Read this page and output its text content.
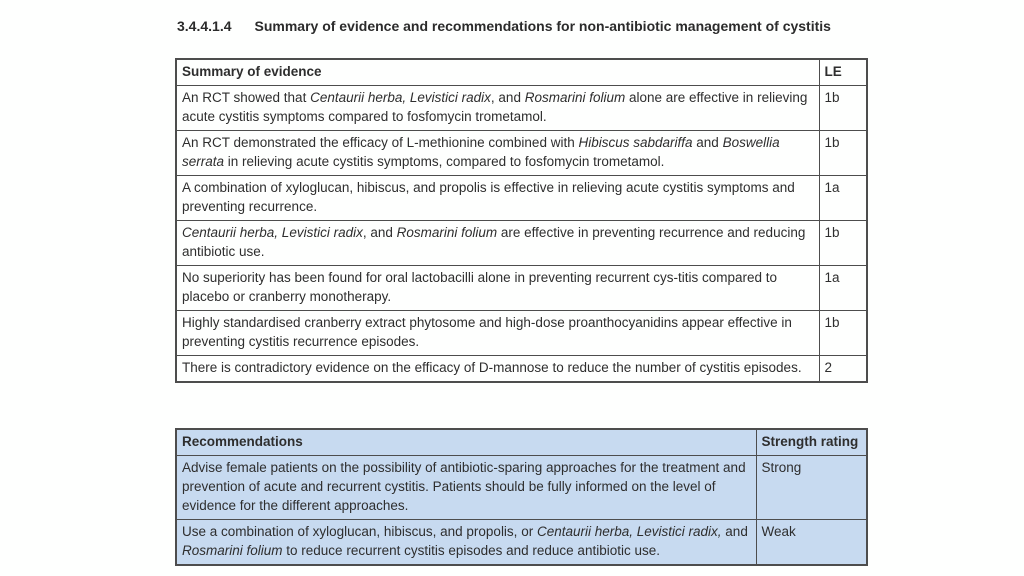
3.4.4.1.4 Summary of evidence and recommendations for non-antibiotic management of cystitis
Summary of evidence	LE
An RCT showed that Centaurii herba, Levistici radix, and Rosmarini folium alone are effective in relieving acute cystitis symptoms compared to fosfomycin trometamol.	1b
An RCT demonstrated the efficacy of L-methionine combined with Hibiscus sabdariffa and Boswellia serrata in relieving acute cystitis symptoms, compared to fosfomycin trometamol.	1b
A combination of xyloglucan, hibiscus, and propolis is effective in relieving acute cystitis symptoms and preventing recurrence.	1a
Centaurii herba, Levistici radix, and Rosmarini folium are effective in preventing recurrence and reducing antibiotic use.	1b
No superiority has been found for oral lactobacilli alone in preventing recurrent cys-titis compared to placebo or cranberry monotherapy.	1a
Highly standardised cranberry extract phytosome and high-dose proanthocyanidins appear effective in preventing cystitis recurrence episodes.	1b
There is contradictory evidence on the efficacy of D-mannose to reduce the number of cystitis episodes.	2
Recommendations	Strength rating
Advise female patients on the possibility of antibiotic-sparing approaches for the treatment and prevention of acute and recurrent cystitis. Patients should be fully informed on the level of evidence for the different approaches.	Strong
Use a combination of xyloglucan, hibiscus, and propolis, or Centaurii herba, Levistici radix, and Rosmarini folium to reduce recurrent cystitis episodes and reduce antibiotic use.	Weak
